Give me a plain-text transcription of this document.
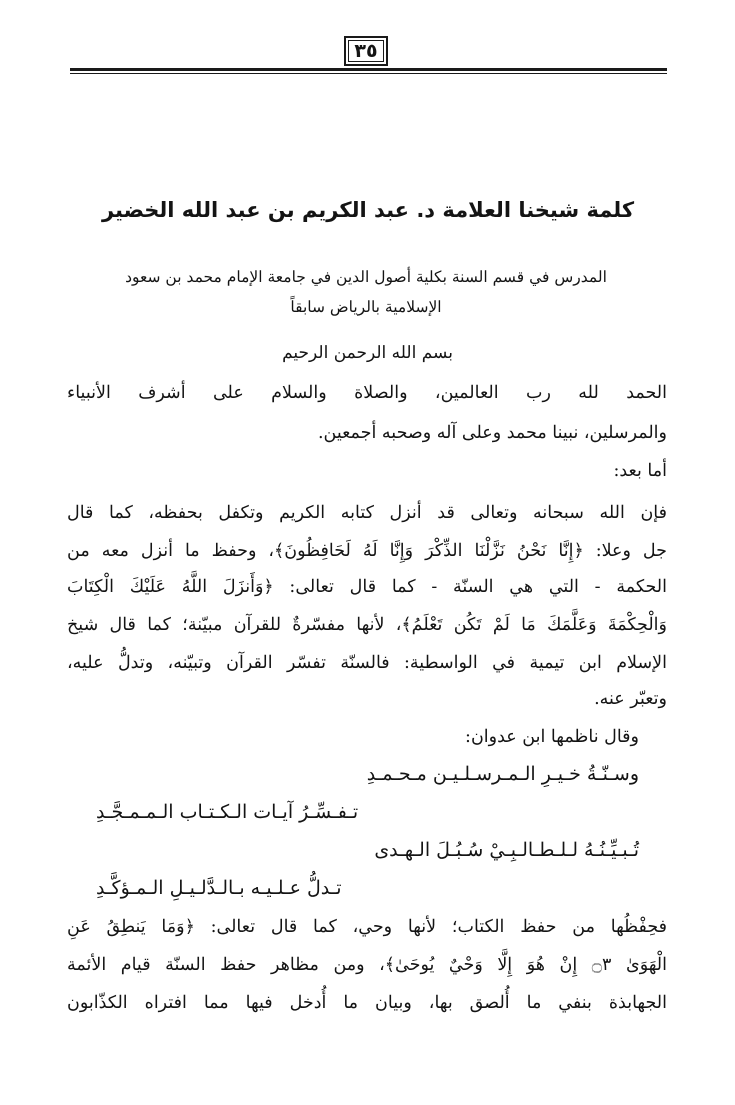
٣٥
كلمة شيخنا العلامة د. عبد الكريم بن عبد الله الخضير
المدرس في قسم السنة بكلية أصول الدين في جامعة الإمام محمد بن سعود
الإسلامية بالرياض سابقاً
بسم الله الرحمن الرحيم
الحمد لله رب العالمين، والصلاة والسلام على أشرف الأنبياء
والمرسلين، نبينا محمد وعلى آله وصحبه أجمعين.
أما بعد:
فإن الله سبحانه وتعالى قد أنزل كتابه الكريم وتكفل بحفظه، كما قال
جل وعلا: ﴿إِنَّا نَحْنُ نَزَّلْنَا الذِّكْرَ وَإِنَّا لَهُ لَحَافِظُونَ﴾، وحفظ ما أنزل معه من
الحكمة - التي هي السنّة - كما قال تعالى: ﴿وَأَنزَلَ اللَّهُ عَلَيْكَ الْكِتَابَ
وَالْحِكْمَةَ وَعَلَّمَكَ مَا لَمْ تَكُن تَعْلَمُ﴾، لأنها مفسّرةٌ للقرآن مبيّنة؛ كما قال شيخ
الإسلام ابن تيمية في الواسطية: فالسنّة تفسّر القرآن وتبيّنه، وتدلُّ عليه،
وتعبّر عنه.
وقال ناظمها ابن عدوان:
وسـنّـةُ خـيـرِ الـمـرسـلـيـن مـحـمـدِ
تـفـسِّـرُ آيـات الـكـتـاب الـمـمـجَّـدِ
تُـبـيِّـنُـهُ لـلـطـالـبِـيْ سُـبُـلَ الـهـدى
تـدلُّ عـلـيـه بـالـدَّلـيـلِ الـمـؤكَّـدِ
فحِفْظُها من حفظ الكتاب؛ لأنها وحي، كما قال تعالى: ﴿وَمَا يَنطِقُ عَنِ
الْهَوَىٰ ۝٣ إِنْ هُوَ إِلَّا وَحْيٌ يُوحَىٰ﴾، ومن مظاهر حفظ السنّة قيام الأئمة
الجهابذة بنفي ما أُلصق بها، وبيان ما أُدخل فيها مما افتراه الكذّابون
